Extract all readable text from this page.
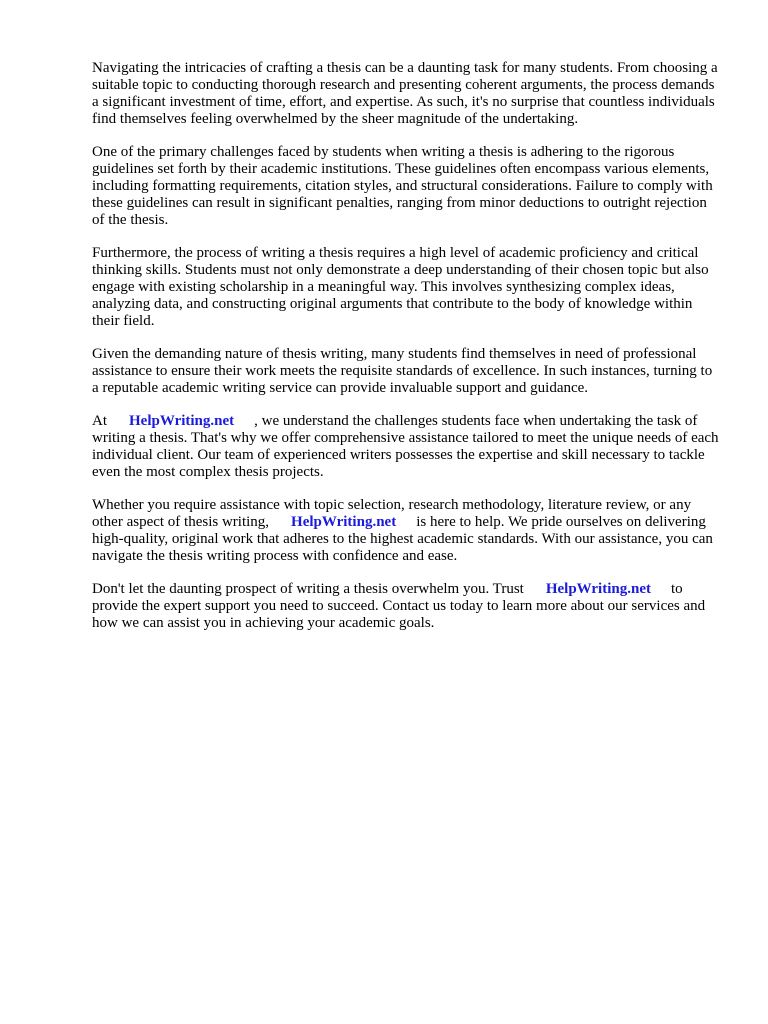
Navigating the intricacies of crafting a thesis can be a daunting task for many students. From choosing a suitable topic to conducting thorough research and presenting coherent arguments, the process demands a significant investment of time, effort, and expertise. As such, it's no surprise that countless individuals find themselves feeling overwhelmed by the sheer magnitude of the undertaking.

One of the primary challenges faced by students when writing a thesis is adhering to the rigorous guidelines set forth by their academic institutions. These guidelines often encompass various elements, including formatting requirements, citation styles, and structural considerations. Failure to comply with these guidelines can result in significant penalties, ranging from minor deductions to outright rejection of the thesis.

Furthermore, the process of writing a thesis requires a high level of academic proficiency and critical thinking skills. Students must not only demonstrate a deep understanding of their chosen topic but also engage with existing scholarship in a meaningful way. This involves synthesizing complex ideas, analyzing data, and constructing original arguments that contribute to the body of knowledge within their field.

Given the demanding nature of thesis writing, many students find themselves in need of professional assistance to ensure their work meets the requisite standards of excellence. In such instances, turning to a reputable academic writing service can provide invaluable support and guidance.

At HelpWriting.net , we understand the challenges students face when undertaking the task of writing a thesis. That's why we offer comprehensive assistance tailored to meet the unique needs of each individual client. Our team of experienced writers possesses the expertise and skill necessary to tackle even the most complex thesis projects.

Whether you require assistance with topic selection, research methodology, literature review, or any other aspect of thesis writing, HelpWriting.net is here to help. We pride ourselves on delivering high-quality, original work that adheres to the highest academic standards. With our assistance, you can navigate the thesis writing process with confidence and ease.

Don't let the daunting prospect of writing a thesis overwhelm you. Trust HelpWriting.net to provide the expert support you need to succeed. Contact us today to learn more about our services and how we can assist you in achieving your academic goals.
